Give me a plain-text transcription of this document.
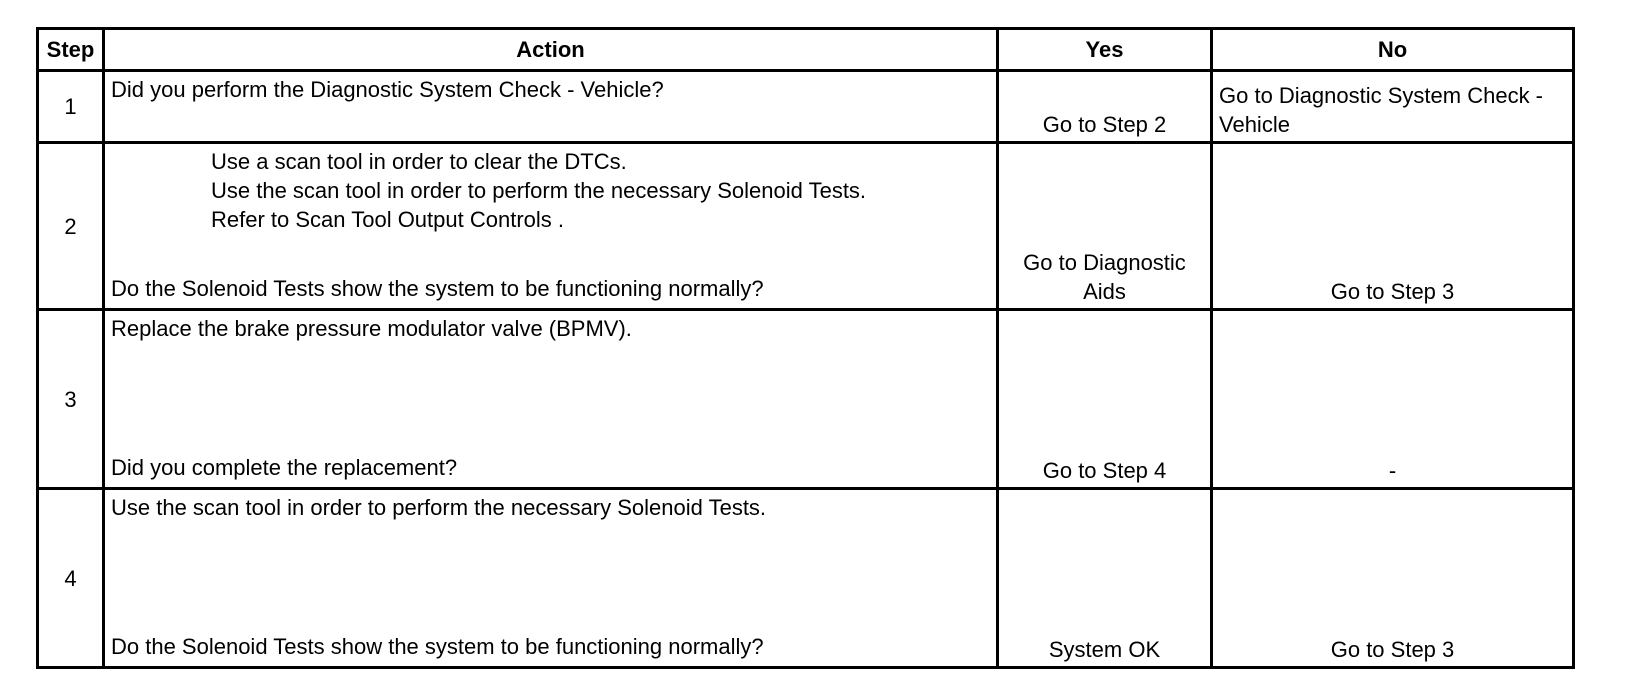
Step	Action	Yes	No
1	Did you perform the Diagnostic System Check - Vehicle?	Go to Step 2	Go to Diagnostic System Check - Vehicle
2	Use a scan tool in order to clear the DTCs.
Use the scan tool in order to perform the necessary Solenoid Tests.
Refer to Scan Tool Output Controls .
Do the Solenoid Tests show the system to be functioning normally?	Go to Diagnostic Aids	Go to Step 3
3	Replace the brake pressure modulator valve (BPMV).
Did you complete the replacement?	Go to Step 4	-
4	Use the scan tool in order to perform the necessary Solenoid Tests.
Do the Solenoid Tests show the system to be functioning normally?	System OK	Go to Step 3
